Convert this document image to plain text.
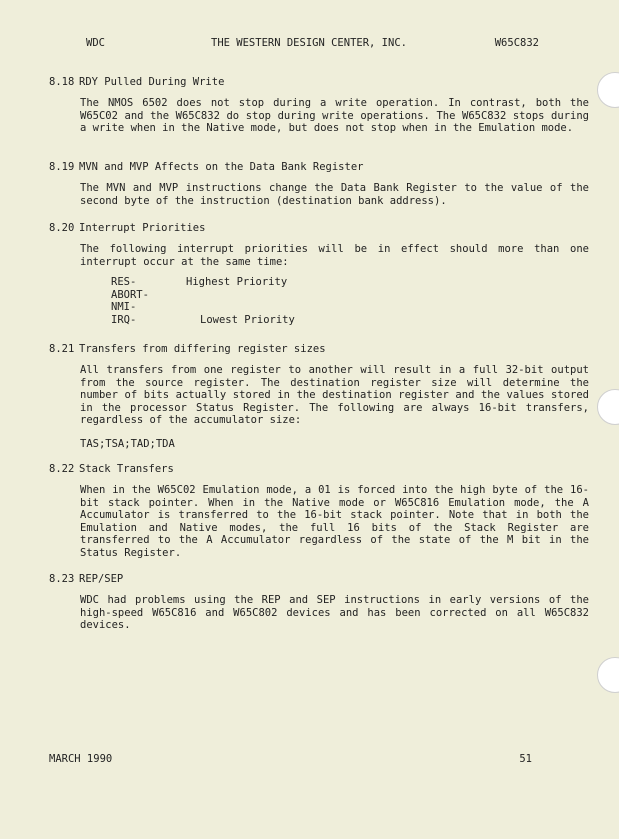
WDC	THE WESTERN DESIGN CENTER, INC.	W65C832
8.18 RDY Pulled During Write
The NMOS 6502 does not stop during a write operation. In contrast, both the W65C02 and the W65C832 do stop during write operations. The W65C832 stops during a write when in the Native mode, but does not stop when in the Emulation mode.
8.19 MVN and MVP Affects on the Data Bank Register
The MVN and MVP instructions change the Data Bank Register to the value of the second byte of the instruction (destination bank address).
8.20 Interrupt Priorities
The following interrupt priorities will be in effect should more than one interrupt occur at the same time:
RES-	Highest Priority
ABORT-
NMI-
IRQ-	Lowest Priority
8.21 Transfers from differing register sizes
All transfers from one register to another will result in a full 32-bit output from the source register. The destination register size will determine the number of bits actually stored in the destination register and the values stored in the processor Status Register. The following are always 16-bit transfers, regardless of the accumulator size:
TAS;TSA;TAD;TDA
8.22 Stack Transfers
When in the W65C02 Emulation mode, a 01 is forced into the high byte of the 16-bit stack pointer. When in the Native mode or W65C816 Emulation mode, the A Accumulator is transferred to the 16-bit stack pointer. Note that in both the Emulation and Native modes, the full 16 bits of the Stack Register are transferred to the A Accumulator regardless of the state of the M bit in the Status Register.
8.23 REP/SEP
WDC had problems using the REP and SEP instructions in early versions of the high-speed W65C816 and W65C802 devices and has been corrected on all W65C832 devices.
MARCH 1990	51
